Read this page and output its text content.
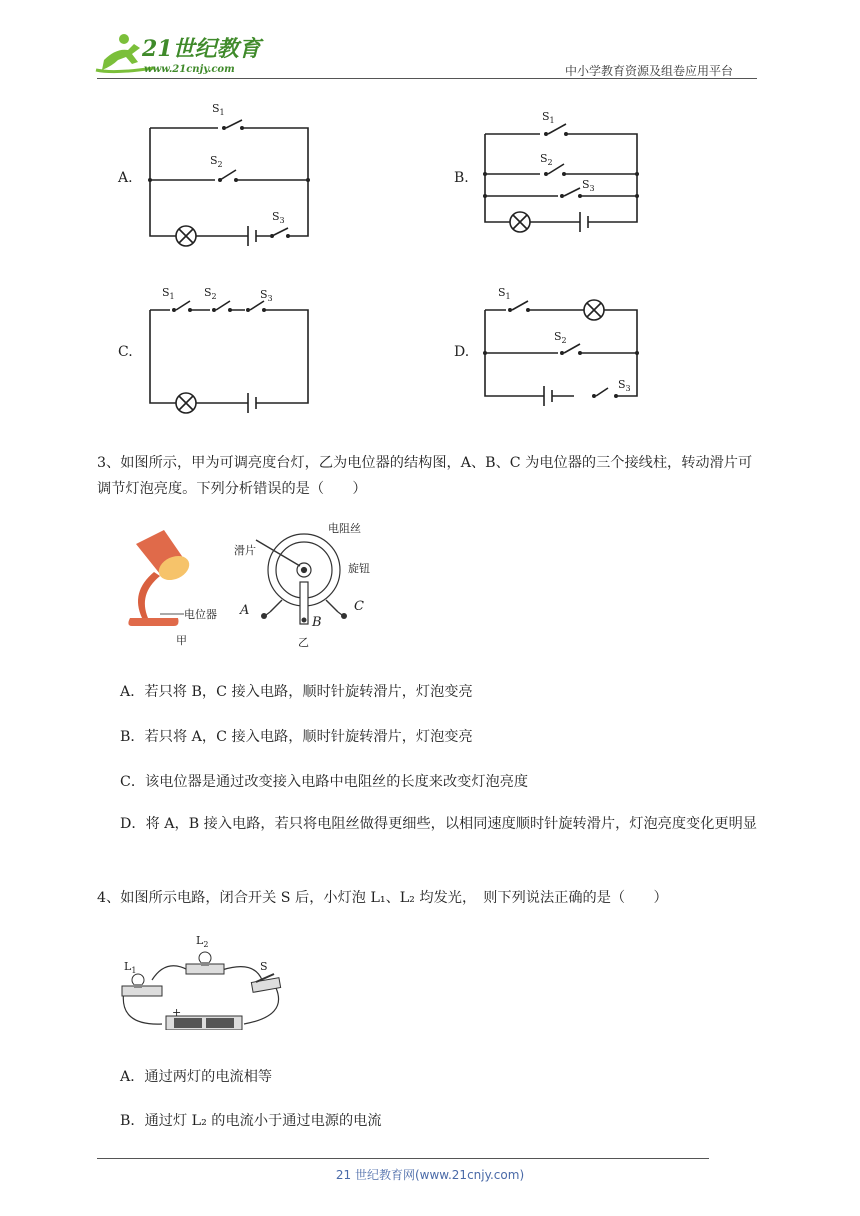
21世纪教育
www.21cnjy.com	中小学教育资源及组卷应用平台
A.	B.
C.	D.
$S_1$
$S_2$
$S_3$
$S_1$
$S_2$
$S_3$
$S_1$	$S_2$	$S_3$	$S_1$
$S_2$
$S_3$
3、如图所示，甲为可调亮度台灯，乙为电位器的结构图，A、B、C 为电位器的三个接线柱，转动滑片可调节灯泡亮度。下列分析错误的是（　　）
电位器
甲
滑片
电阻丝
旋钮
A
B
C
乙
A．若只将 B，C 接入电路，顺时针旋转滑片，灯泡变亮
B．若只将 A，C 接入电路，顺时针旋转滑片，灯泡变亮
C．该电位器是通过改变接入电路中电阻丝的长度来改变灯泡亮度
D．将 A，B 接入电路，若只将电阻丝做得更细些，以相同速度顺时针旋转滑片，灯泡亮度变化更明显
4、如图所示电路，闭合开关 S 后，小灯泡 L₁、L₂ 均发光，　则下列说法正确的是（　　）
$L_1$
$L_2$
S
+
A．通过两灯的电流相等
B．通过灯 L₂ 的电流小于通过电源的电流
21 世纪教育网(www.21cnjy.com)
